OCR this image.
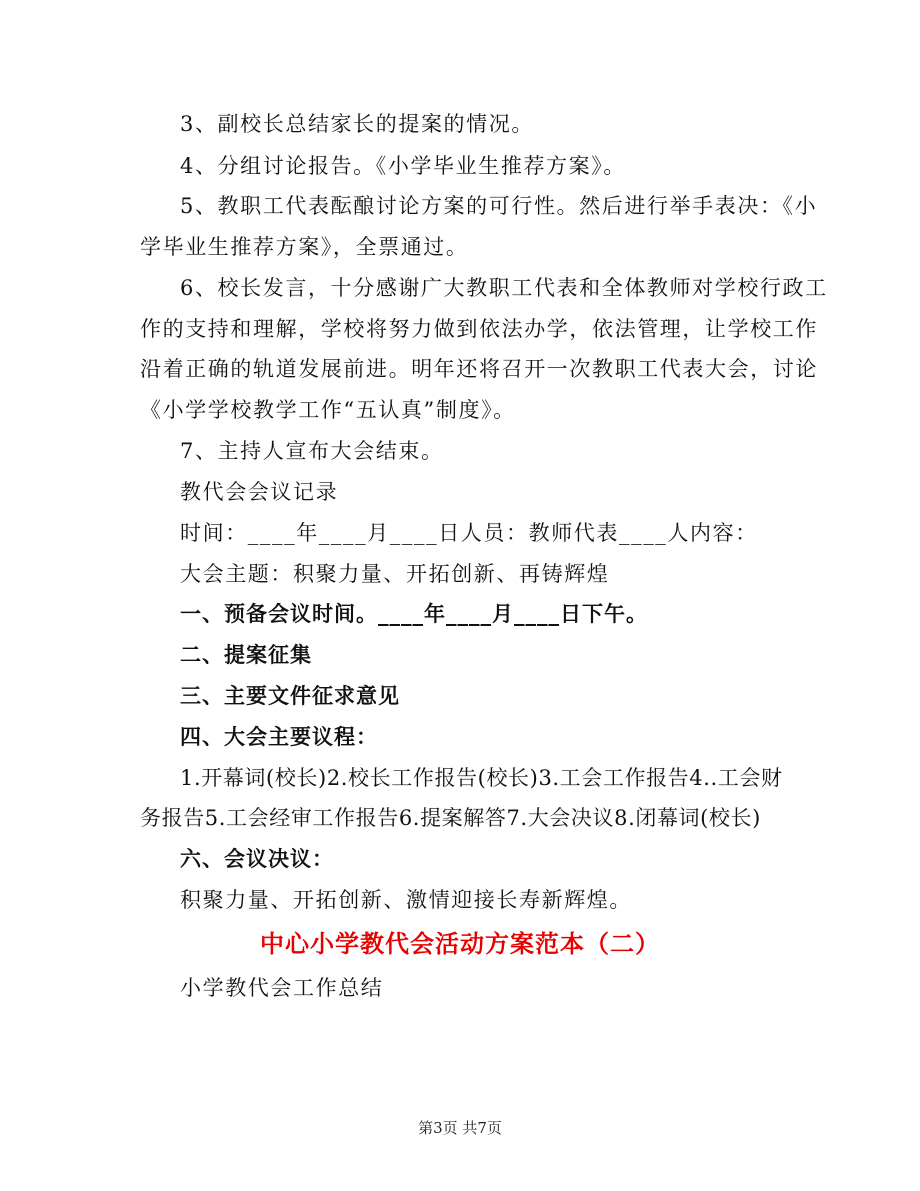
3、副校长总结家长的提案的情况。
4、分组讨论报告。《小学毕业生推荐方案》。
5、教职工代表酝酿讨论方案的可行性。然后进行举手表决：《小
学毕业生推荐方案》，全票通过。
6、校长发言，十分感谢广大教职工代表和全体教师对学校行政工
作的支持和理解，学校将努力做到依法办学，依法管理，让学校工作
沿着正确的轨道发展前进。明年还将召开一次教职工代表大会，讨论
《小学学校教学工作“五认真”制度》。
7、主持人宣布大会结束。
教代会会议记录
时间：____年____月____日人员：教师代表____人内容：
大会主题：积聚力量、开拓创新、再铸辉煌
一、预备会议时间。____年____月____日下午。
二、提案征集
三、主要文件征求意见
四、大会主要议程：
1.开幕词(校长)2.校长工作报告(校长)3.工会工作报告4..工会财
务报告5.工会经审工作报告6.提案解答7.大会决议8.闭幕词(校长)
六、会议决议：
积聚力量、开拓创新、激情迎接长寿新辉煌。
中心小学教代会活动方案范本（二）
小学教代会工作总结
第3页 共7页
